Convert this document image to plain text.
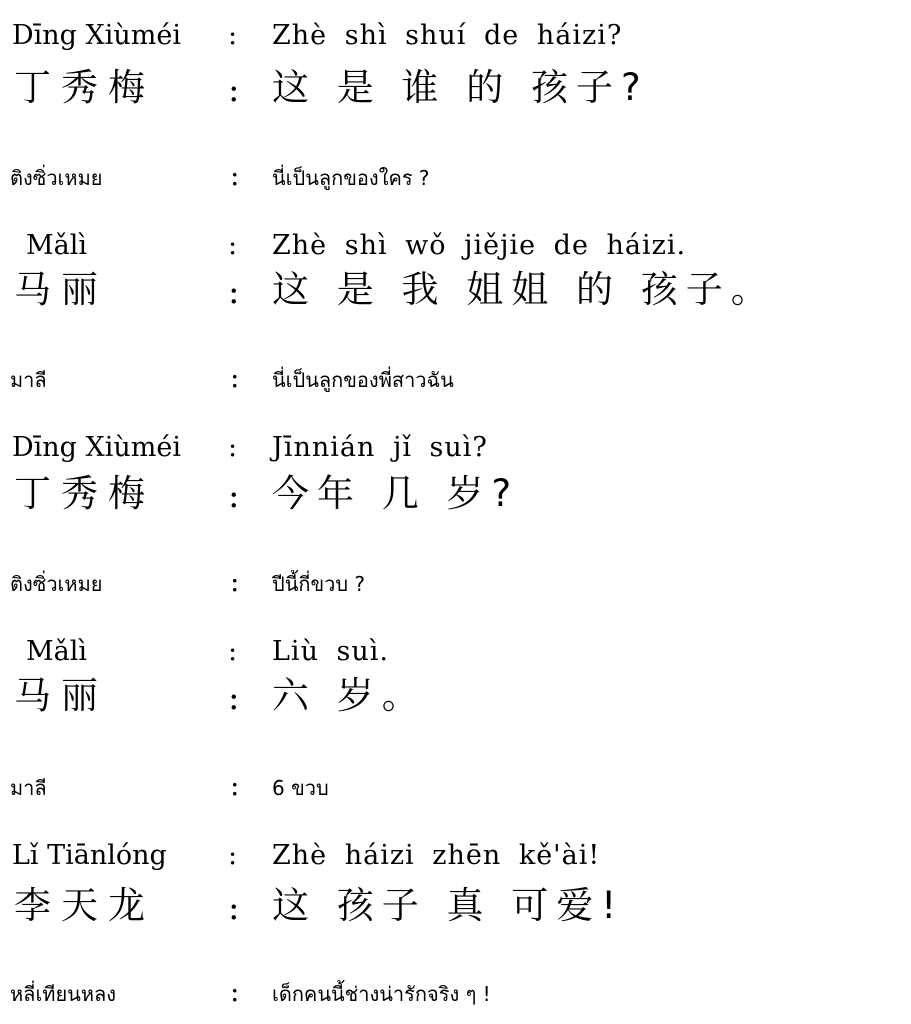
Dīng Xiùméi : Zhè shì shuí de háizi?
丁秀梅 : 这 是 谁 的 孩子?
ติงซิ่วเหมย	: นี่เป็นลูกของใคร ?
Mǎlì	: Zhè shì wǒ jiějie de háizi.
马丽	: 这 是 我 姐姐 的 孩子。
มาลี	: นี่เป็นลูกของพี่สาวฉัน
Dīng Xiùméi : Jīnnián jǐ suì?
丁秀梅 : 今年 几 岁?
ติงซิ่วเหมย	: ปีนี้กี่ขวบ ?
Mǎlì	: Liù suì.
马丽	: 六 岁。
มาลี	: 6 ขวบ
Lǐ Tiānlóng : Zhè háizi zhēn kě'ài!
李天龙 : 这 孩子 真 可爱!
หลี่เทียนหลง	: เด็กคนนี้ช่างน่ารักจริง ๆ !
